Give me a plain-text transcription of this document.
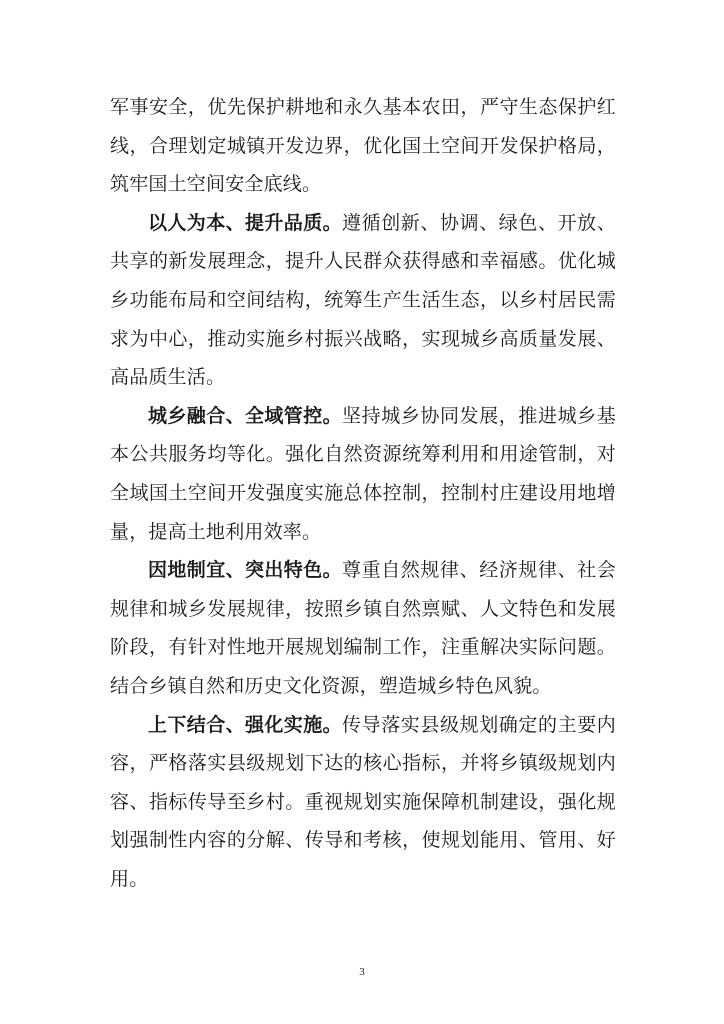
军事安全，优先保护耕地和永久基本农田，严守生态保护红线，合理划定城镇开发边界，优化国土空间开发保护格局，筑牢国土空间安全底线。

以人为本、提升品质。遵循创新、协调、绿色、开放、共享的新发展理念，提升人民群众获得感和幸福感。优化城乡功能布局和空间结构，统筹生产生活生态，以乡村居民需求为中心，推动实施乡村振兴战略，实现城乡高质量发展、高品质生活。

城乡融合、全域管控。坚持城乡协同发展，推进城乡基本公共服务均等化。强化自然资源统筹利用和用途管制，对全域国土空间开发强度实施总体控制，控制村庄建设用地增量，提高土地利用效率。

因地制宜、突出特色。尊重自然规律、经济规律、社会规律和城乡发展规律，按照乡镇自然禀赋、人文特色和发展阶段，有针对性地开展规划编制工作，注重解决实际问题。结合乡镇自然和历史文化资源，塑造城乡特色风貌。

上下结合、强化实施。传导落实县级规划确定的主要内容，严格落实县级规划下达的核心指标，并将乡镇级规划内容、指标传导至乡村。重视规划实施保障机制建设，强化规划强制性内容的分解、传导和考核，使规划能用、管用、好用。

3
